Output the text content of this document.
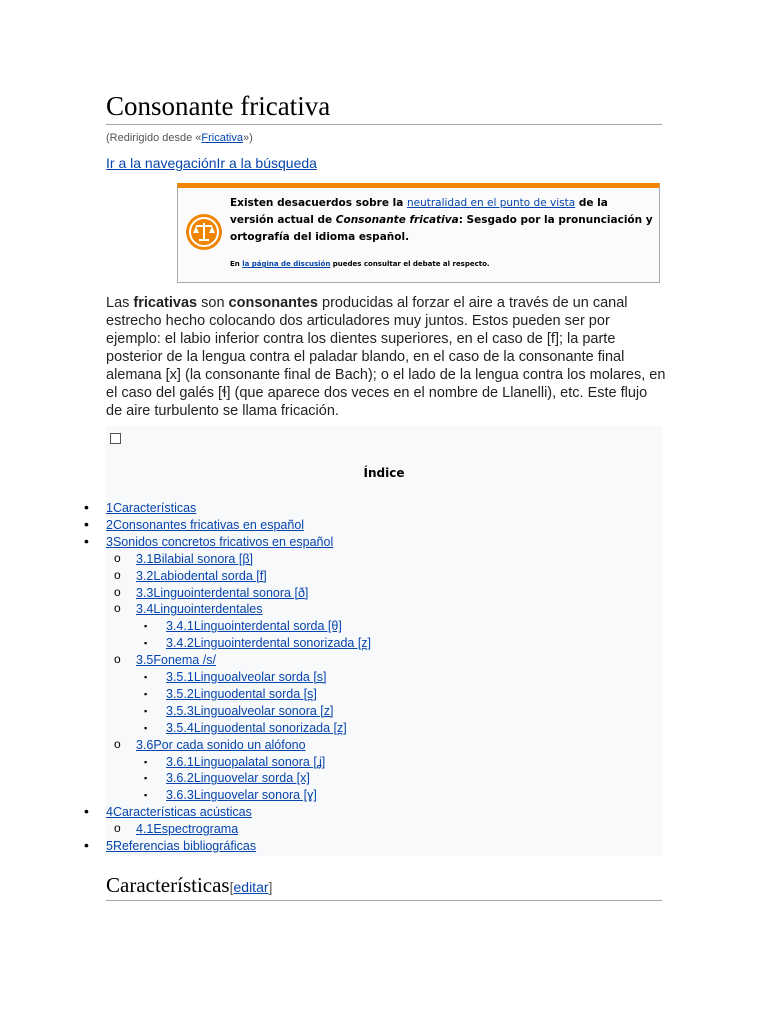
Consonante fricativa
(Redirigido desde «Fricativa»)
Ir a la navegaciónIr a la búsqueda
Existen desacuerdos sobre la neutralidad en el punto de vista de la versión actual de Consonante fricativa: Sesgado por la pronunciación y ortografía del idioma español.
En la página de discusión puedes consultar el debate al respecto.

Las fricativas son consonantes producidas al forzar el aire a través de un canal estrecho hecho colocando dos articuladores muy juntos. Estos pueden ser por ejemplo: el labio inferior contra los dientes superiores, en el caso de [f]; la parte posterior de la lengua contra el paladar blando, en el caso de la consonante final alemana [x] (la consonante final de Bach); o el lado de la lengua contra los molares, en el caso del galés [ɬ] (que aparece dos veces en el nombre de Llanelli), etc. Este flujo de aire turbulento se llama fricación.

Índice
• 1Características
• 2Consonantes fricativas en español
• 3Sonidos concretos fricativos en español
o 3.1Bilabial sonora [β]
o 3.2Labiodental sorda [f]
o 3.3Linguointerdental sonora [ð]
o 3.4Linguointerdentales
▪ 3.4.1Linguointerdental sorda [θ]
▪ 3.4.2Linguointerdental sonorizada [z̪]
o 3.5Fonema /s/
▪ 3.5.1Linguoalveolar sorda [s]
▪ 3.5.2Linguodental sorda [s̪]
▪ 3.5.3Linguoalveolar sonora [z]
▪ 3.5.4Linguodental sonorizada [z̪]
o 3.6Por cada sonido un alófono
▪ 3.6.1Linguopalatal sonora [ʝ]
▪ 3.6.2Linguovelar sorda [x]
▪ 3.6.3Linguovelar sonora [ɣ]
• 4Características acústicas
o 4.1Espectrograma
• 5Referencias bibliográficas
Características[editar]
